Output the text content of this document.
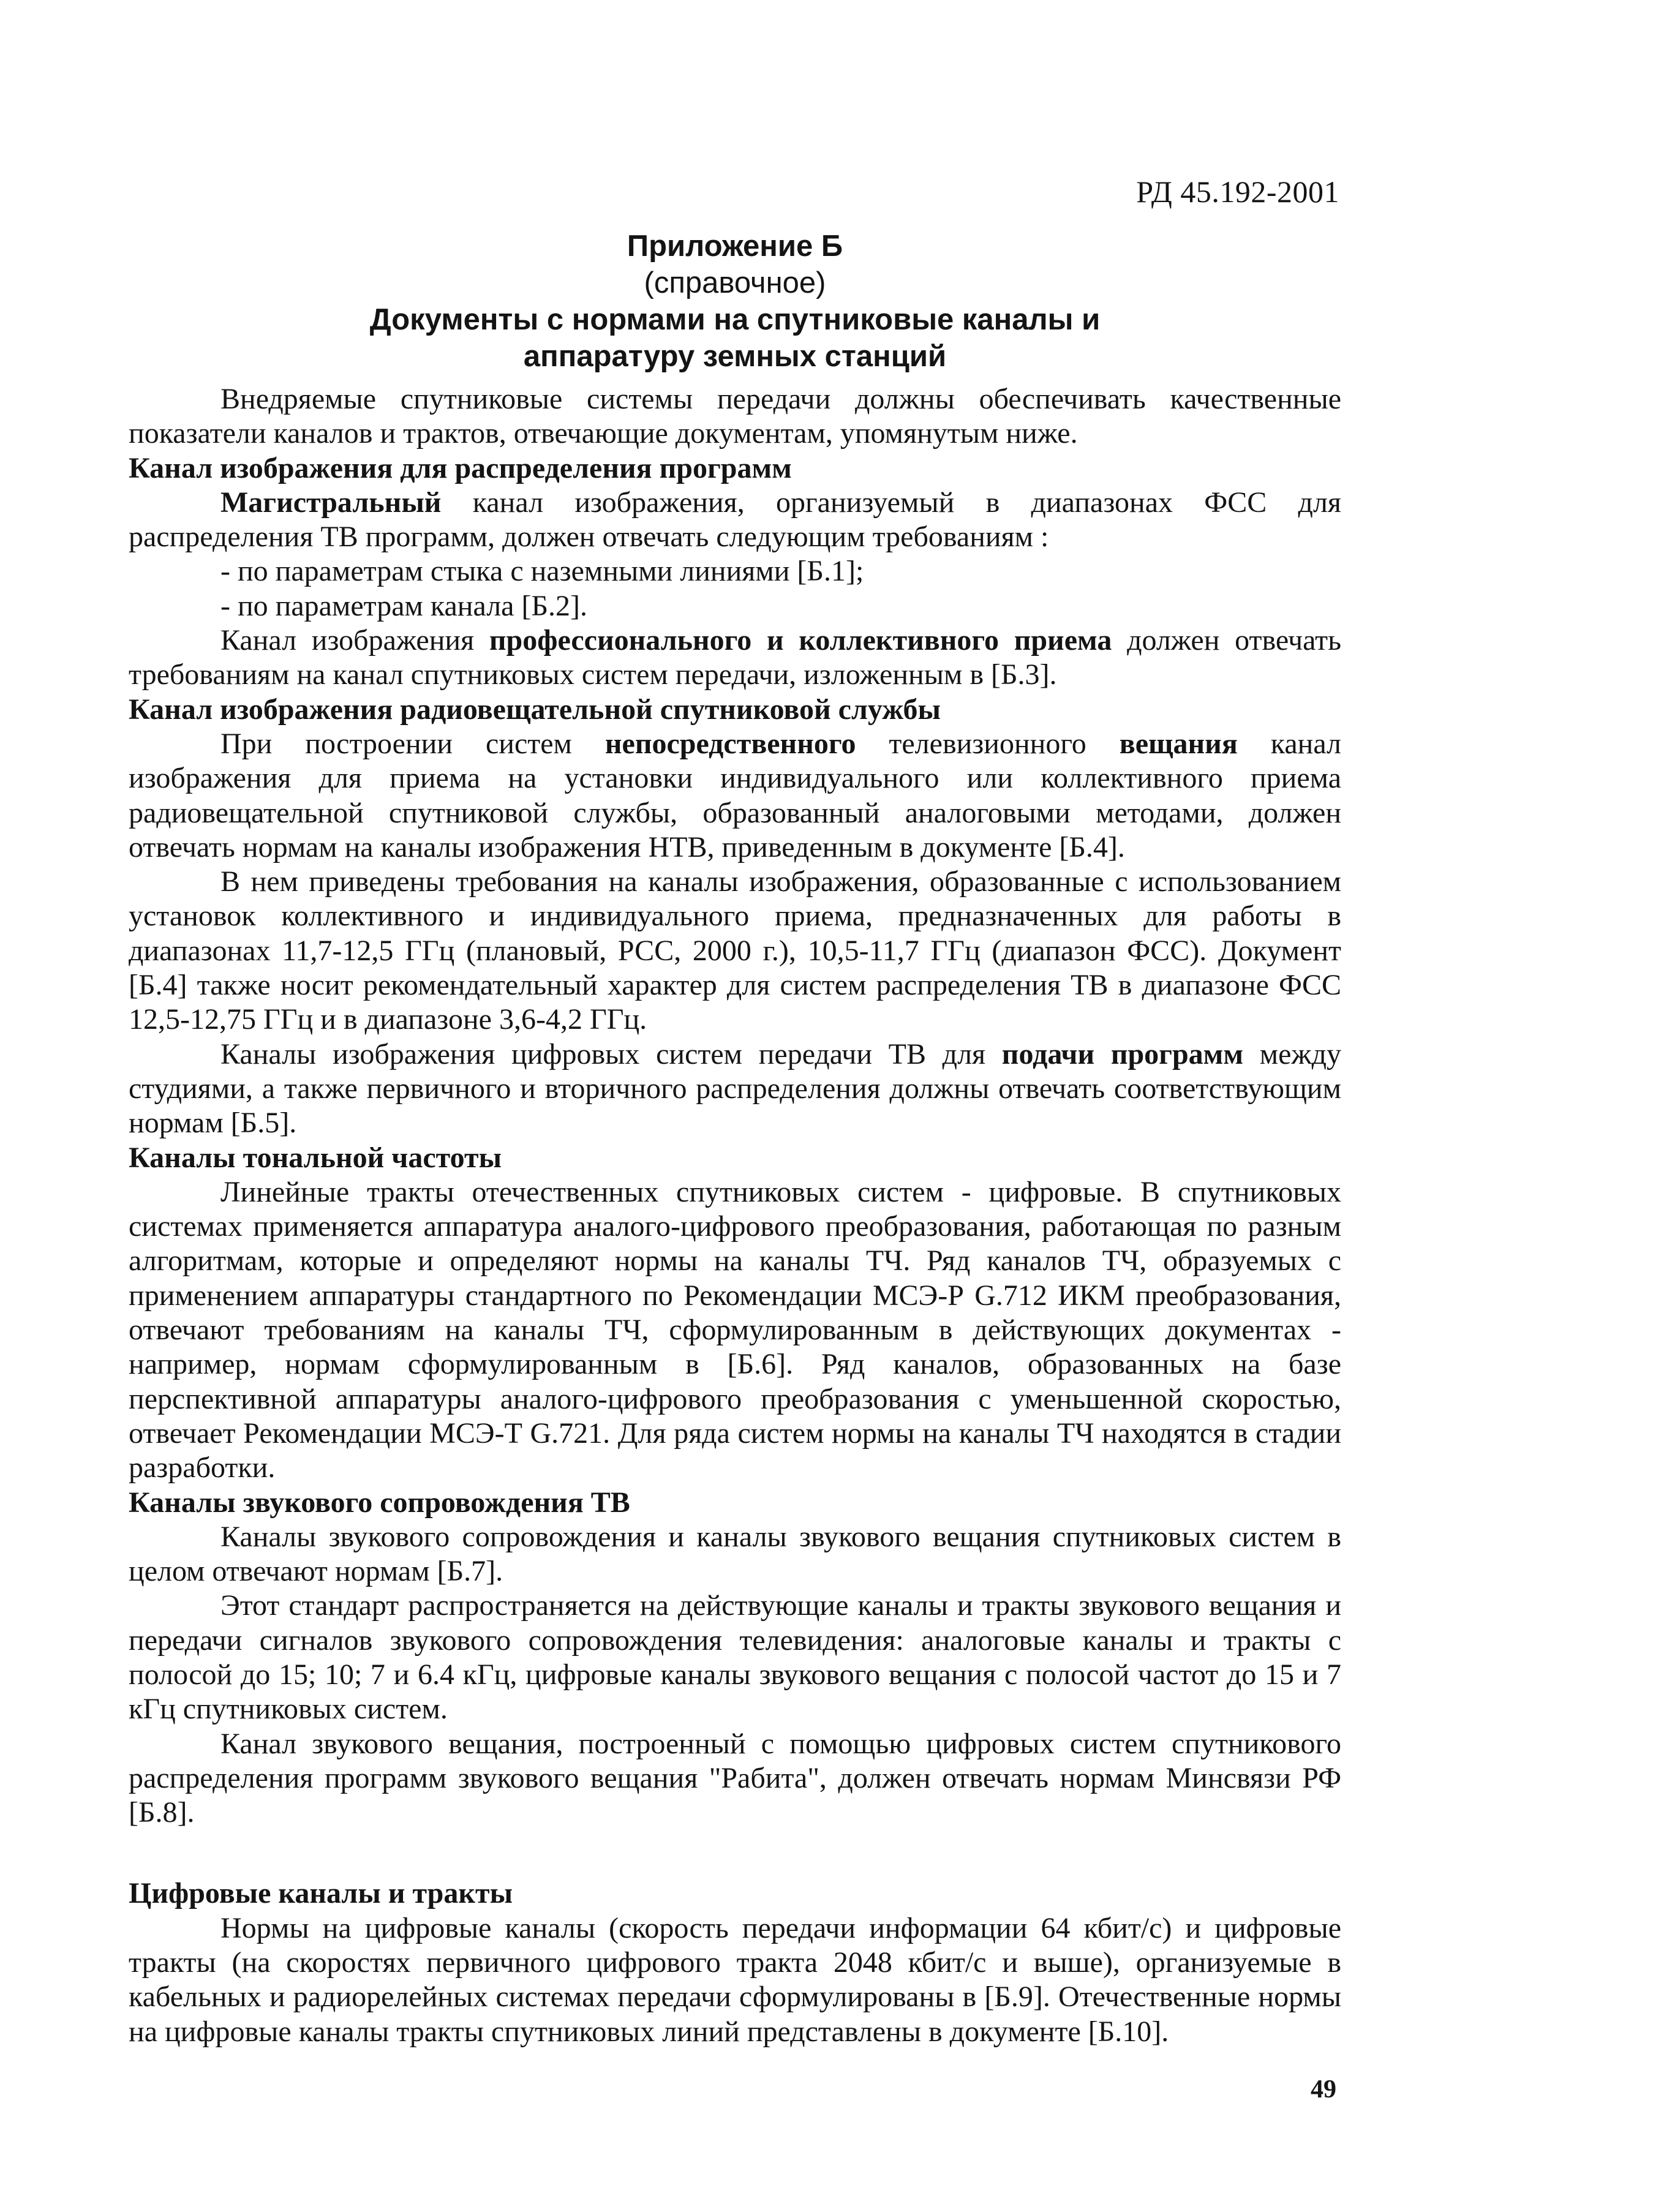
РД 45.192-2001

Приложение Б
(справочное)
Документы с нормами на спутниковые каналы и
аппаратуру земных станций

Внедряемые спутниковые системы передачи должны обеспечивать качественные показатели каналов и трактов, отвечающие документам, упомянутым ниже.

Канал изображения для распределения программ

Магистральный канал изображения, организуемый в диапазонах ФСС для распределения ТВ программ, должен отвечать следующим требованиям :

- по параметрам стыка с наземными линиями [Б.1];

- по параметрам канала [Б.2].

Канал изображения профессионального и коллективного приема должен отвечать требованиям на канал спутниковых систем передачи, изложенным в [Б.3].

Канал изображения радиовещательной спутниковой службы

При построении систем непосредственного телевизионного вещания канал изображения для приема на установки индивидуального или коллективного приема радиовещательной спутниковой службы, образованный аналоговыми методами, должен отвечать нормам на каналы изображения НТВ, приведенным в документе [Б.4].

В нем приведены требования на каналы изображения, образованные с использованием установок коллективного и индивидуального приема, предназначенных для работы в диапазонах 11,7-12,5 ГГц (плановый, РСС, 2000 г.), 10,5-11,7 ГГц (диапазон ФСС). Документ [Б.4] также носит рекомендательный характер для систем распределения ТВ в диапазоне ФСС 12,5-12,75 ГГц и в диапазоне 3,6-4,2 ГГц.

Каналы изображения цифровых систем передачи ТВ для подачи программ между студиями, а также первичного и вторичного распределения должны отвечать соответствующим нормам [Б.5].

Каналы тональной частоты

Линейные тракты отечественных спутниковых систем - цифровые. В спутниковых системах применяется аппаратура аналого-цифрового преобразования, работающая по разным алгоритмам, которые и определяют нормы на каналы ТЧ. Ряд каналов ТЧ, образуемых с применением аппаратуры стандартного по Рекомендации МСЭ-Р G.712 ИКМ преобразования, отвечают требованиям на каналы ТЧ, сформулированным в действующих документах - например, нормам сформулированным в [Б.6]. Ряд каналов, образованных на базе перспективной аппаратуры аналого-цифрового преобразования с уменьшенной скоростью, отвечает Рекомендации МСЭ-Т G.721. Для ряда систем нормы на каналы ТЧ находятся в стадии разработки.

Каналы звукового сопровождения ТВ

Каналы звукового сопровождения и каналы звукового вещания спутниковых систем в целом отвечают нормам [Б.7].

Этот стандарт распространяется на действующие каналы и тракты звукового вещания и передачи сигналов звукового сопровождения телевидения: аналоговые каналы и тракты с полосой до 15; 10; 7 и 6.4 кГц, цифровые каналы звукового вещания с полосой частот до 15 и 7 кГц спутниковых систем.

Канал звукового вещания, построенный с помощью цифровых систем спутникового распределения программ звукового вещания "Рабита", должен отвечать нормам Минсвязи РФ [Б.8].

Цифровые каналы и тракты

Нормы на цифровые каналы (скорость передачи информации 64 кбит/с) и цифровые тракты (на скоростях первичного цифрового тракта 2048 кбит/с и выше), организуемые в кабельных и радиорелейных системах передачи сформулированы в [Б.9]. Отечественные нормы на цифровые каналы тракты спутниковых линий представлены в документе [Б.10].

49
